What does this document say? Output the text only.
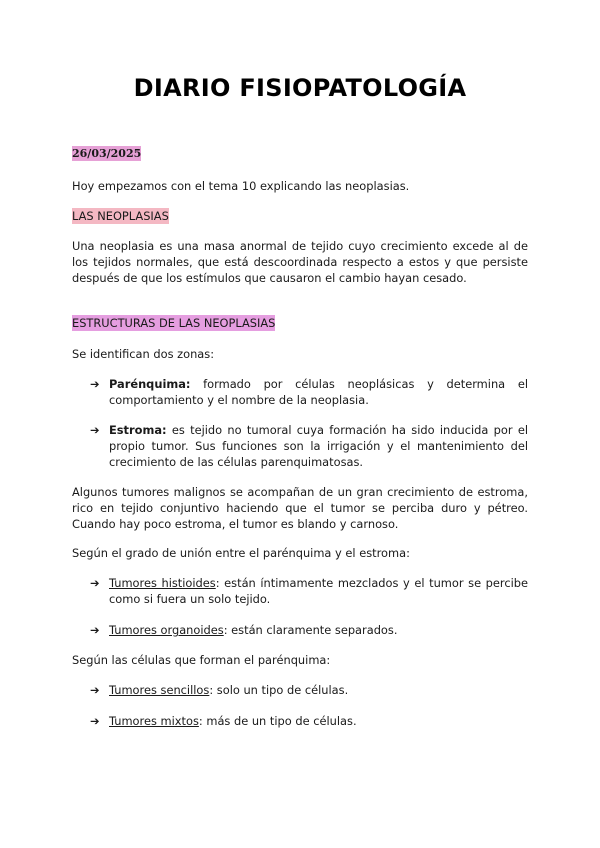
DIARIO FISIOPATOLOGÍA

26/03/2025

Hoy empezamos con el tema 10 explicando las neoplasias.

LAS NEOPLASIAS

Una neoplasia es una masa anormal de tejido cuyo crecimiento excede al de los tejidos normales, que está descoordinada respecto a estos y que persiste después de que los estímulos que causaron el cambio hayan cesado.

ESTRUCTURAS DE LAS NEOPLASIAS

Se identifican dos zonas:

➔ Parénquima: formado por células neoplásicas y determina el comportamiento y el nombre de la neoplasia.
➔ Estroma: es tejido no tumoral cuya formación ha sido inducida por el propio tumor. Sus funciones son la irrigación y el mantenimiento del crecimiento de las células parenquimatosas.

Algunos tumores malignos se acompañan de un gran crecimiento de estroma, rico en tejido conjuntivo haciendo que el tumor se perciba duro y pétreo. Cuando hay poco estroma, el tumor es blando y carnoso.

Según el grado de unión entre el parénquima y el estroma:

➔ Tumores histioides: están íntimamente mezclados y el tumor se percibe como si fuera un solo tejido.
➔ Tumores organoides: están claramente separados.

Según las células que forman el parénquima:

➔ Tumores sencillos: solo un tipo de células.
➔ Tumores mixtos: más de un tipo de células.
